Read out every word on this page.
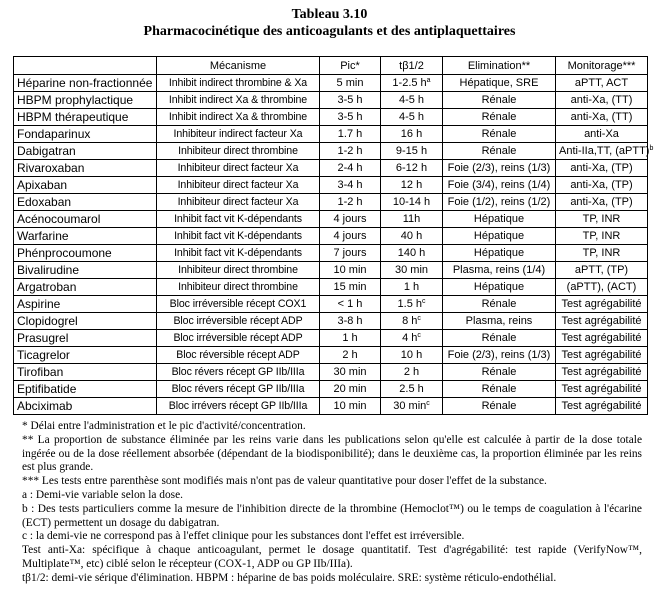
Tableau 3.10
Pharmacocinétique des anticoagulants et des antiplaquettaires
	Mécanisme	Pic*	tβ1/2	Elimination**	Monitorage***
Héparine non-fractionnée	Inhibit indirect thrombine & Xa	5 min	1-2.5 $h^a$	Hépatique, SRE	aPTT, ACT
HBPM prophylactique	Inhibit indirect Xa & thrombine	3-5 h	4-5 h	Rénale	anti-Xa, (TT)
HBPM thérapeutique	Inhibit indirect Xa & thrombine	3-5 h	4-5 h	Rénale	anti-Xa, (TT)
Fondaparinux	Inhibiteur indirect facteur Xa	1.7 h	16 h	Rénale	anti-Xa
Dabigatran	Inhibiteur direct thrombine	1-2 h	9-15 h	Rénale	Anti-IIa,TT, (aPTT)$^b$
Rivaroxaban	Inhibiteur direct facteur Xa	2-4 h	6-12 h	Foie (2/3), reins (1/3)	anti-Xa, (TP)
Apixaban	Inhibiteur direct facteur Xa	3-4 h	12 h	Foie (3/4), reins (1/4)	anti-Xa, (TP)
Edoxaban	Inhibiteur direct facteur Xa	1-2 h	10-14 h	Foie (1/2), reins (1/2)	anti-Xa, (TP)
Acénocoumarol	Inhibit fact vit K-dépendants	4 jours	11h	Hépatique	TP, INR
Warfarine	Inhibit fact vit K-dépendants	4 jours	40 h	Hépatique	TP, INR
Phénprocoumone	Inhibit fact vit K-dépendants	7 jours	140 h	Hépatique	TP, INR
Bivalirudine	Inhibiteur direct thrombine	10 min	30 min	Plasma, reins (1/4)	aPTT, (TP)
Argatroban	Inhibiteur direct thrombine	15 min	1 h	Hépatique	(aPTT), (ACT)
Aspirine	Bloc irréversible récept COX1	< 1 h	1.5 $h^c$	Rénale	Test agrégabilité
Clopidogrel	Bloc irréversible récept ADP	3-8 h	8 $h^c$	Plasma, reins	Test agrégabilité
Prasugrel	Bloc irréversible récept ADP	1 h	4 $h^c$	Rénale	Test agrégabilité
Ticagrelor	Bloc réversible récept ADP	2 h	10 h	Foie (2/3), reins (1/3)	Test agrégabilité
Tirofiban	Bloc révers récept GP IIb/IIIa	30 min	2 h	Rénale	Test agrégabilité
Eptifibatide	Bloc révers récept GP IIb/IIIa	20 min	2.5 h	Rénale	Test agrégabilité
Abciximab	Bloc irrévers récept GP IIb/IIIa	10 min	30 $\min^c$	Rénale	Test agrégabilité

* Délai entre l'administration et le pic d'activité/concentration.

** La proportion de substance éliminée par les reins varie dans les publications selon qu'elle est calculée à partir de la dose totale ingérée ou de la dose réellement absorbée (dépendant de la biodisponibilité); dans le deuxième cas, la proportion éliminée par les reins est plus grande.

*** Les tests entre parenthèse sont modifiés mais n'ont pas de valeur quantitative pour doser l'effet de la substance.

a : Demi-vie variable selon la dose.

b : Des tests particuliers comme la mesure de l'inhibition directe de la thrombine (Hemoclot™) ou le temps de coagulation à l'écarine (ECT) permettent un dosage du dabigatran.

c : la demi-vie ne correspond pas à l'effet clinique pour les substances dont l'effet est irréversible.

Test anti-Xa: spécifique à chaque anticoagulant, permet le dosage quantitatif. Test d'agrégabilité: test rapide (VerifyNow™, Multiplate™, etc) ciblé selon le récepteur (COX-1, ADP ou GP IIb/IIIa).

tβ1/2: demi-vie sérique d'élimination. HBPM : héparine de bas poids moléculaire. SRE: système réticulo-endothélial.
